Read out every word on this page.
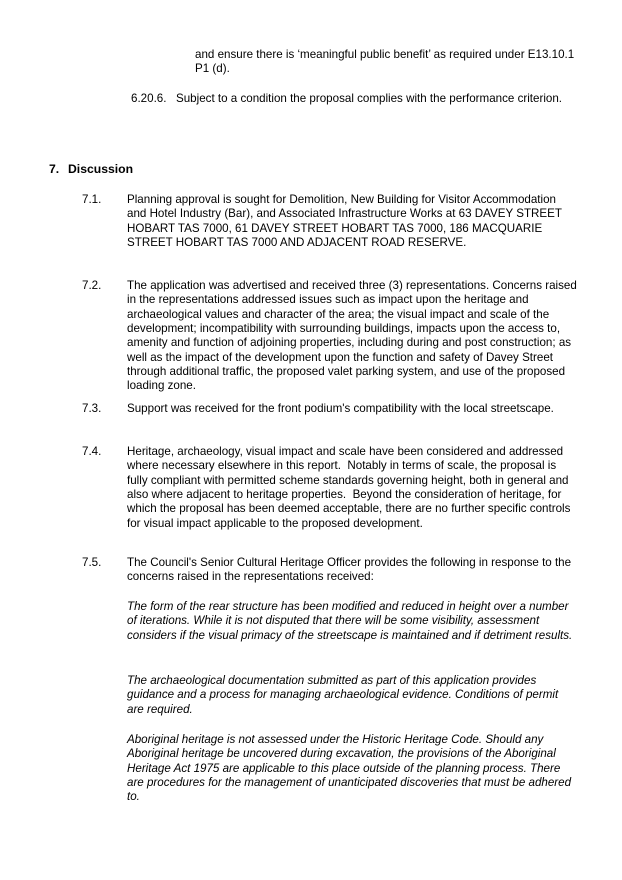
and ensure there is ‘meaningful public benefit’ as required under E13.10.1 P1 (d).
6.20.6. Subject to a condition the proposal complies with the performance criterion.
7. Discussion
7.1.	Planning approval is sought for Demolition, New Building for Visitor Accommodation and Hotel Industry (Bar), and Associated Infrastructure Works at 63 DAVEY STREET HOBART TAS 7000, 61 DAVEY STREET HOBART TAS 7000, 186 MACQUARIE STREET HOBART TAS 7000 AND ADJACENT ROAD RESERVE.
7.2.	The application was advertised and received three (3) representations. Concerns raised in the representations addressed issues such as impact upon the heritage and archaeological values and character of the area; the visual impact and scale of the development; incompatibility with surrounding buildings, impacts upon the access to, amenity and function of adjoining properties, including during and post construction; as well as the impact of the development upon the function and safety of Davey Street through additional traffic, the proposed valet parking system, and use of the proposed loading zone.
7.3.	Support was received for the front podium's compatibility with the local streetscape.
7.4.	Heritage, archaeology, visual impact and scale have been considered and addressed where necessary elsewhere in this report.  Notably in terms of scale, the proposal is fully compliant with permitted scheme standards governing height, both in general and also where adjacent to heritage properties.  Beyond the consideration of heritage, for which the proposal has been deemed acceptable, there are no further specific controls for visual impact applicable to the proposed development.
7.5.	The Council's Senior Cultural Heritage Officer provides the following in response to the concerns raised in the representations received:
The form of the rear structure has been modified and reduced in height over a number of iterations. While it is not disputed that there will be some visibility, assessment considers if the visual primacy of the streetscape is maintained and if detriment results.
The archaeological documentation submitted as part of this application provides guidance and a process for managing archaeological evidence. Conditions of permit are required.
Aboriginal heritage is not assessed under the Historic Heritage Code. Should any Aboriginal heritage be uncovered during excavation, the provisions of the Aboriginal Heritage Act 1975 are applicable to this place outside of the planning process. There are procedures for the management of unanticipated discoveries that must be adhered to.
